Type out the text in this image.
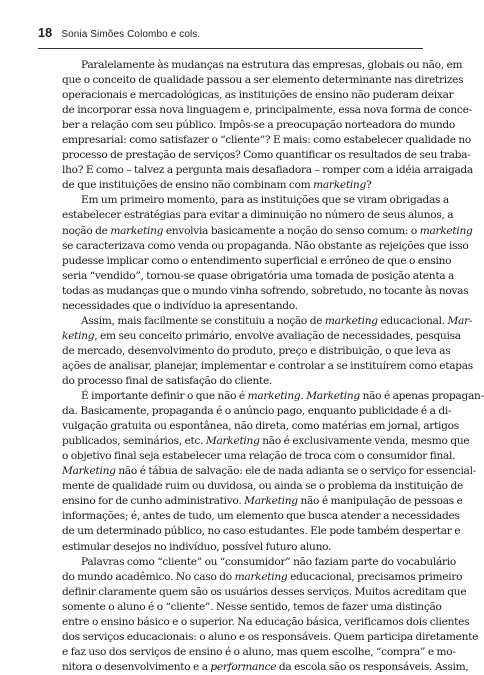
18 Sonia Simões Colombo e cols.
Paralelamente às mudanças na estrutura das empresas, globais ou não, em
que o conceito de qualidade passou a ser elemento determinante nas diretrizes
operacionais e mercadológicas, as instituições de ensino não puderam deixar
de incorporar essa nova linguagem e, principalmente, essa nova forma de conce-
ber a relação com seu público. Impôs-se a preocupação norteadora do mundo
empresarial: como satisfazer o “cliente”? E mais: como estabelecer qualidade no
processo de prestação de serviços? Como quantificar os resultados de seu traba-
lho? E como – talvez a pergunta mais desafiadora – romper com a idéia arraigada
de que instituições de ensino não combinam com marketing?
Em um primeiro momento, para as instituições que se viram obrigadas a
estabelecer estratégias para evitar a diminuição no número de seus alunos, a
noção de marketing envolvia basicamente a noção do senso comum: o marketing
se caracterizava como venda ou propaganda. Não obstante as rejeições que isso
pudesse implicar como o entendimento superficial e errôneo de que o ensino
seria “vendido”, tornou-se quase obrigatória uma tomada de posição atenta a
todas as mudanças que o mundo vinha sofrendo, sobretudo, no tocante às novas
necessidades que o indivíduo ia apresentando.
Assim, mais facilmente se constituiu a noção de marketing educacional. Mar-
keting, em seu conceito primário, envolve avaliação de necessidades, pesquisa
de mercado, desenvolvimento do produto, preço e distribuição, o que leva as
ações de analisar, planejar, implementar e controlar a se instituírem como etapas
do processo final de satisfação do cliente.
É importante definir o que não é marketing. Marketing não é apenas propagan-
da. Basicamente, propaganda é o anúncio pago, enquanto publicidade é a di-
vulgação gratuita ou espontânea, não direta, como matérias em jornal, artigos
publicados, seminários, etc. Marketing não é exclusivamente venda, mesmo que
o objetivo final seja estabelecer uma relação de troca com o consumidor final.
Marketing não é tábua de salvação: ele de nada adianta se o serviço for essencial-
mente de qualidade ruim ou duvidosa, ou ainda se o problema da instituição de
ensino for de cunho administrativo. Marketing não é manipulação de pessoas e
informações; é, antes de tudo, um elemento que busca atender a necessidades
de um determinado público, no caso estudantes. Ele pode também despertar e
estimular desejos no indivíduo, possível futuro aluno.
Palavras como “cliente” ou “consumidor” não faziam parte do vocabulário
do mundo acadêmico. No caso do marketing educacional, precisamos primeiro
definir claramente quem são os usuários desses serviços. Muitos acreditam que
somente o aluno é o “cliente”. Nesse sentido, temos de fazer uma distinção
entre o ensino básico e o superior. Na educação básica, verificamos dois clientes
dos serviços educacionais: o aluno e os responsáveis. Quem participa diretamente
e faz uso dos serviços de ensino é o aluno, mas quem escolhe, “compra” e mo-
nitora o desenvolvimento e a performance da escola são os responsáveis. Assim,
